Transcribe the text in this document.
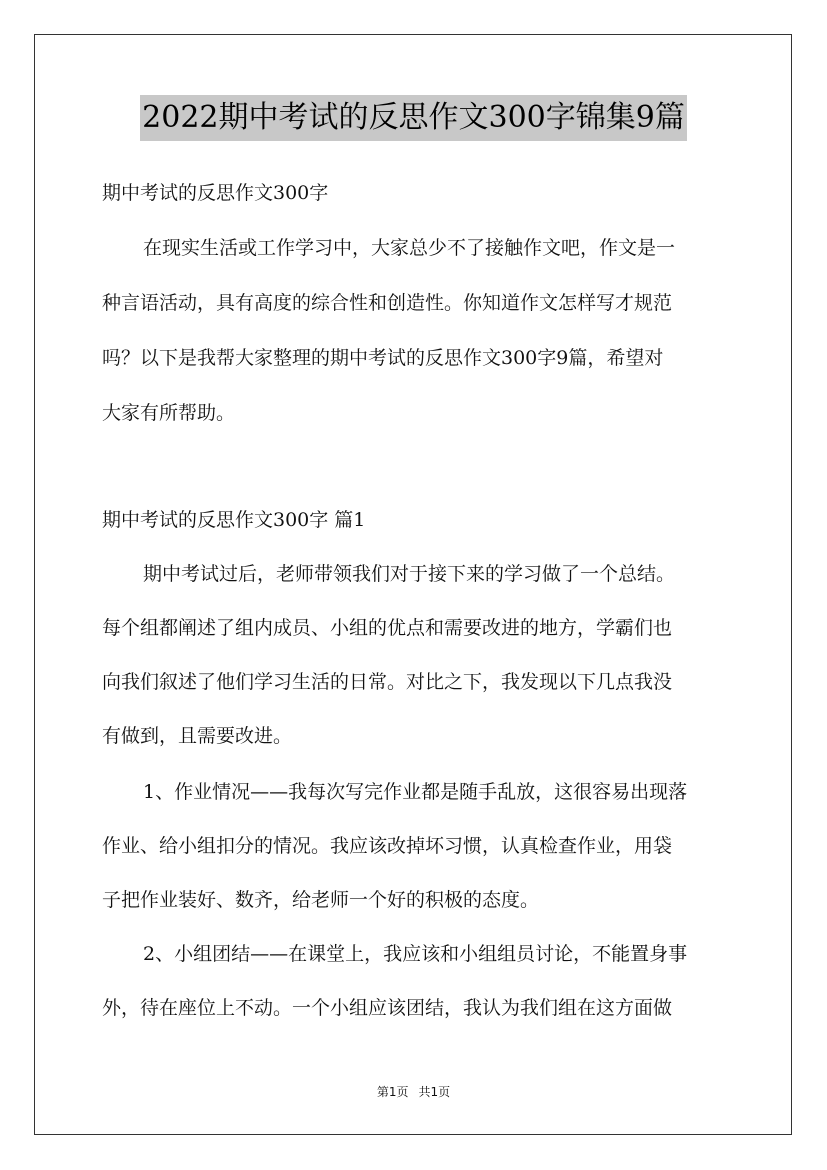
2022期中考试的反思作文300字锦集9篇
期中考试的反思作文300字
在现实生活或工作学习中，大家总少不了接触作文吧，作文是一
种言语活动，具有高度的综合性和创造性。你知道作文怎样写才规范
吗？以下是我帮大家整理的期中考试的反思作文300字9篇，希望对
大家有所帮助。
期中考试的反思作文300字 篇1
期中考试过后，老师带领我们对于接下来的学习做了一个总结。
每个组都阐述了组内成员、小组的优点和需要改进的地方，学霸们也
向我们叙述了他们学习生活的日常。对比之下，我发现以下几点我没
有做到，且需要改进。
1、作业情况——我每次写完作业都是随手乱放，这很容易出现落
作业、给小组扣分的情况。我应该改掉坏习惯，认真检查作业，用袋
子把作业装好、数齐，给老师一个好的积极的态度。
2、小组团结——在课堂上，我应该和小组组员讨论，不能置身事
外，待在座位上不动。一个小组应该团结，我认为我们组在这方面做
第1页 共1页
